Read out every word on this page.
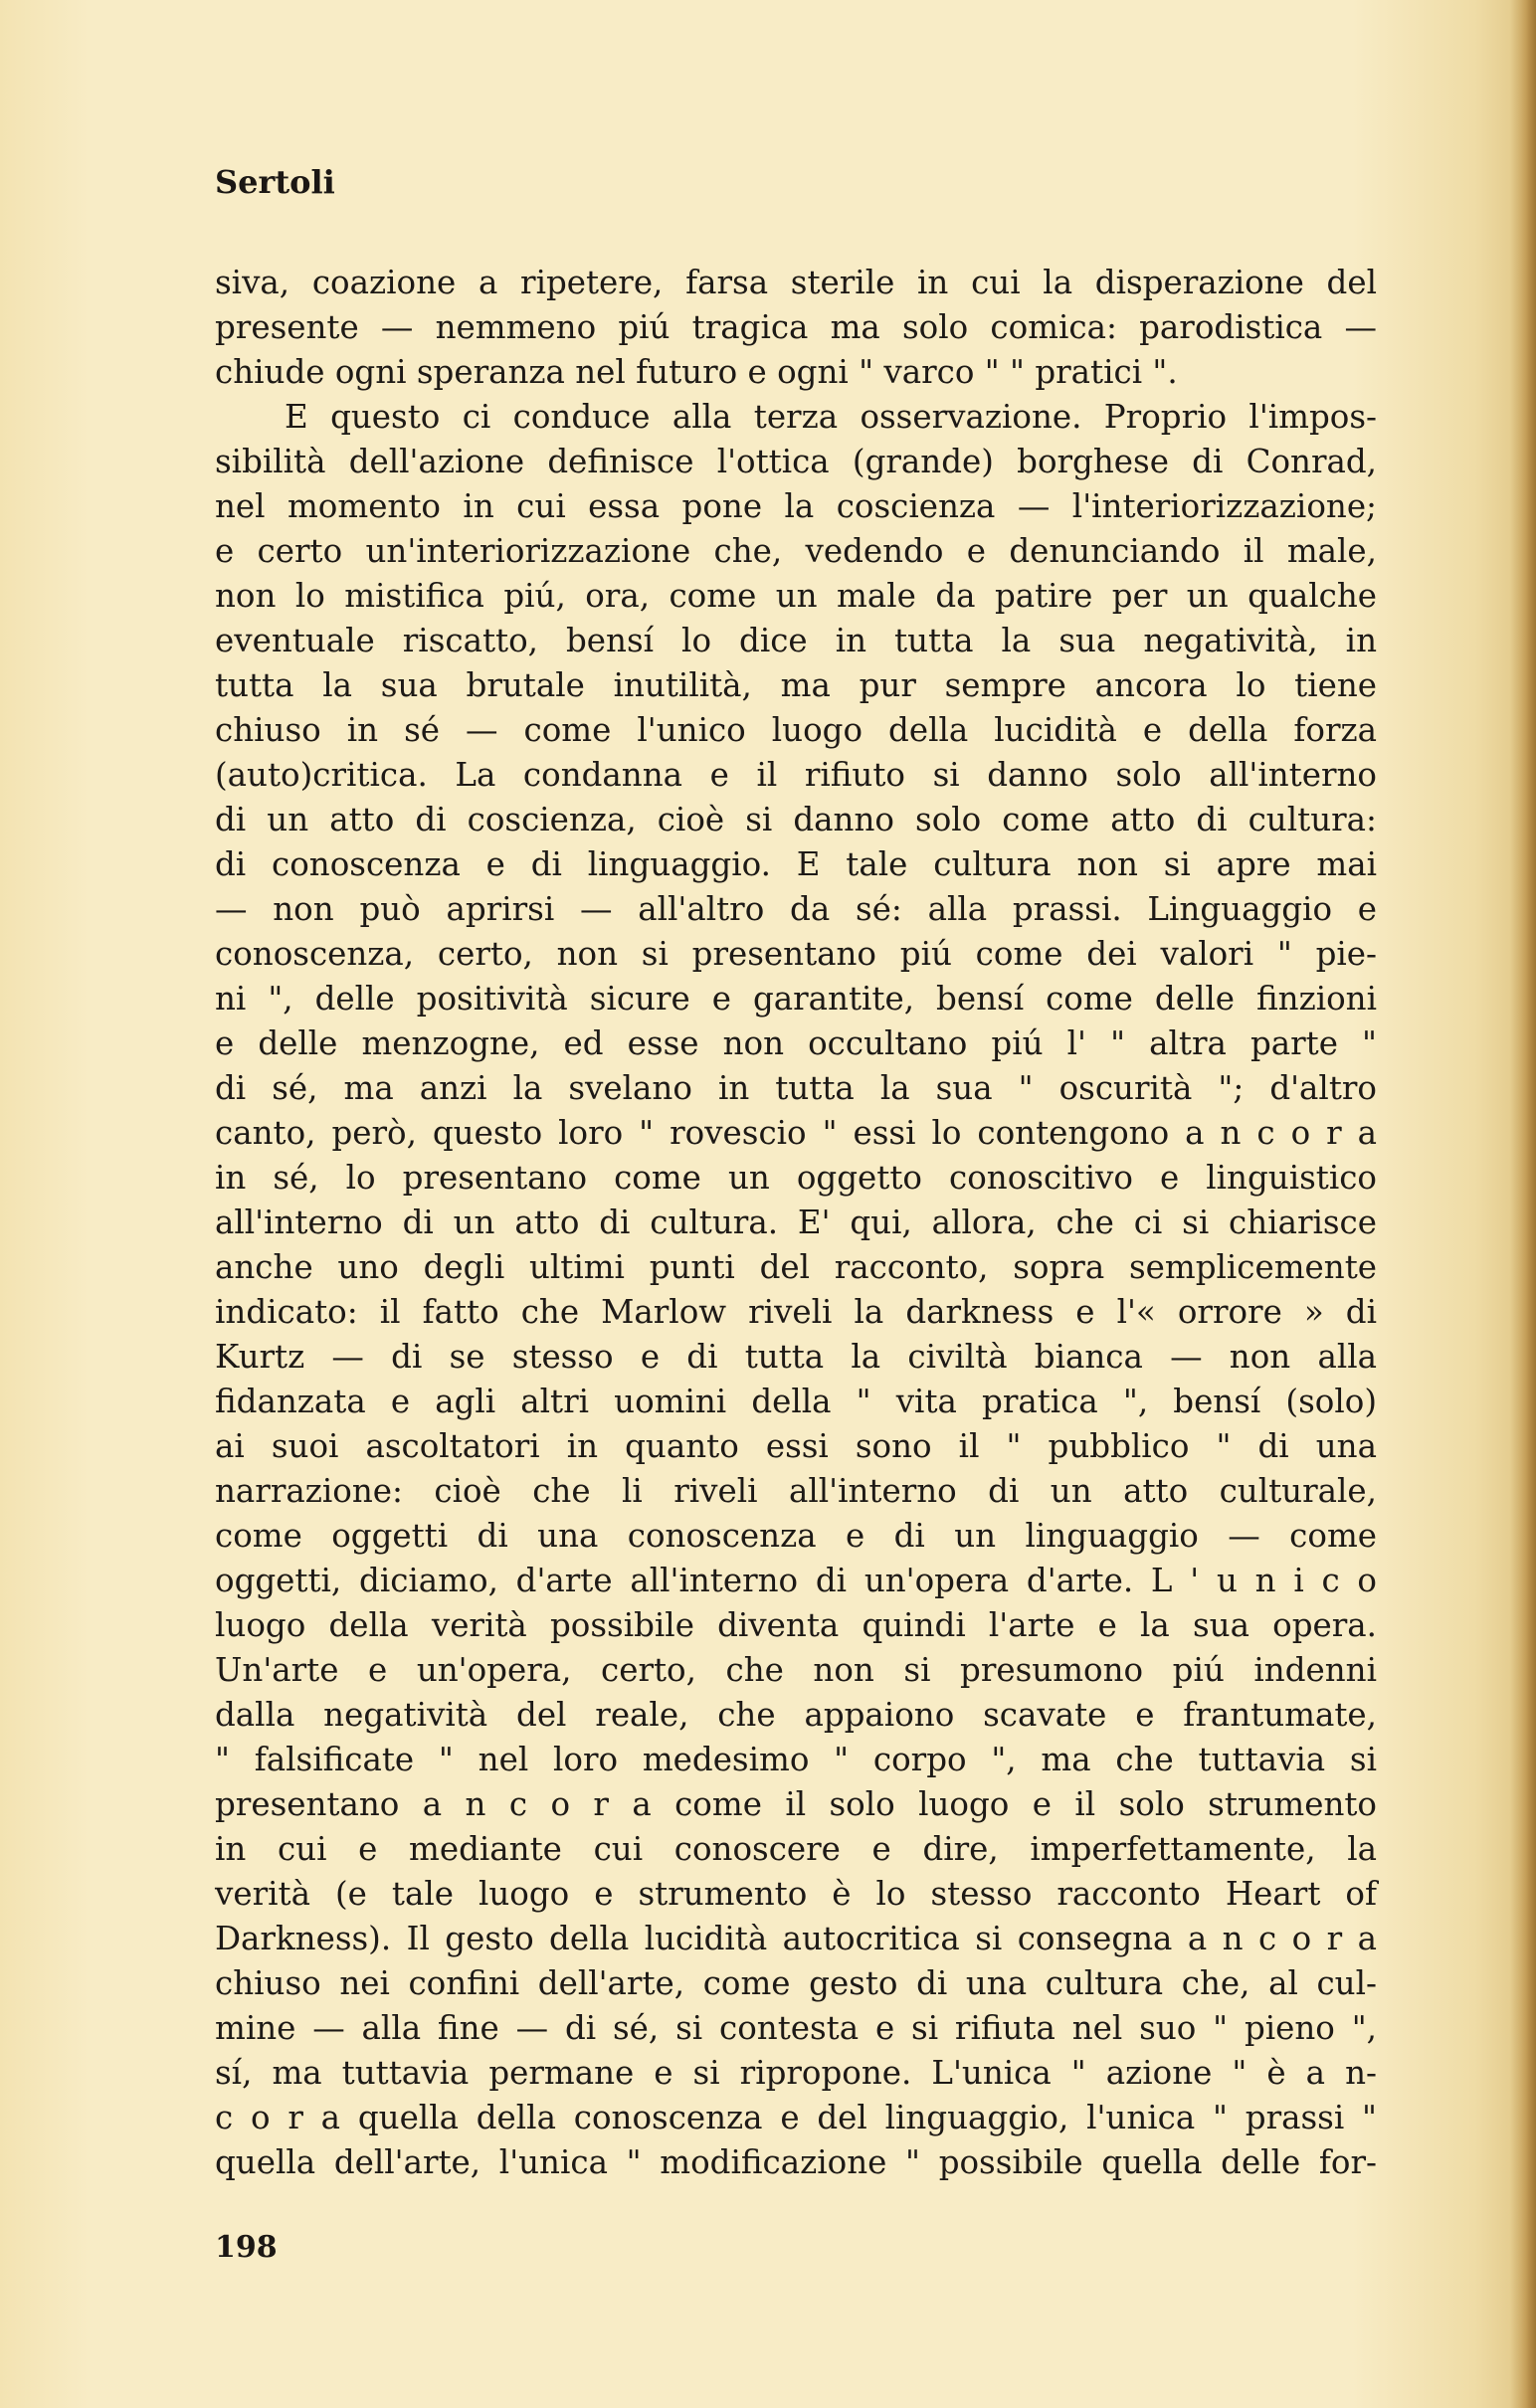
Sertoli
siva, coazione a ripetere, farsa sterile in cui la disperazione del
presente — nemmeno piú tragica ma solo comica: parodistica —
chiude ogni speranza nel futuro e ogni " varco " " pratici ".
E questo ci conduce alla terza osservazione. Proprio l'impos-
sibilità dell'azione definisce l'ottica (grande) borghese di Conrad,
nel momento in cui essa pone la coscienza — l'interiorizzazione;
e certo un'interiorizzazione che, vedendo e denunciando il male,
non lo mistifica piú, ora, come un male da patire per un qualche
eventuale riscatto, bensí lo dice in tutta la sua negatività, in
tutta la sua brutale inutilità, ma pur sempre ancora lo tiene
chiuso in sé — come l'unico luogo della lucidità e della forza
(auto)critica. La condanna e il rifiuto si danno solo all'interno
di un atto di coscienza, cioè si danno solo come atto di cultura:
di conoscenza e di linguaggio. E tale cultura non si apre mai
— non può aprirsi — all'altro da sé: alla prassi. Linguaggio e
conoscenza, certo, non si presentano piú come dei valori " pie-
ni ", delle positività sicure e garantite, bensí come delle finzioni
e delle menzogne, ed esse non occultano piú l' " altra parte "
di sé, ma anzi la svelano in tutta la sua " oscurità "; d'altro
canto, però, questo loro " rovescio " essi lo contengono a n c o r a
in sé, lo presentano come un oggetto conoscitivo e linguistico
all'interno di un atto di cultura. E' qui, allora, che ci si chiarisce
anche uno degli ultimi punti del racconto, sopra semplicemente
indicato: il fatto che Marlow riveli la darkness e l'« orrore » di
Kurtz — di se stesso e di tutta la civiltà bianca — non alla
fidanzata e agli altri uomini della " vita pratica ", bensí (solo)
ai suoi ascoltatori in quanto essi sono il " pubblico " di una
narrazione: cioè che li riveli all'interno di un atto culturale,
come oggetti di una conoscenza e di un linguaggio — come
oggetti, diciamo, d'arte all'interno di un'opera d'arte. L ' u n i c o
luogo della verità possibile diventa quindi l'arte e la sua opera.
Un'arte e un'opera, certo, che non si presumono piú indenni
dalla negatività del reale, che appaiono scavate e frantumate,
" falsificate " nel loro medesimo " corpo ", ma che tuttavia si
presentano a n c o r a come il solo luogo e il solo strumento
in cui e mediante cui conoscere e dire, imperfettamente, la
verità (e tale luogo e strumento è lo stesso racconto Heart of
Darkness). Il gesto della lucidità autocritica si consegna a n c o r a
chiuso nei confini dell'arte, come gesto di una cultura che, al cul-
mine — alla fine — di sé, si contesta e si rifiuta nel suo " pieno ",
sí, ma tuttavia permane e si ripropone. L'unica " azione " è a n-
c o r a quella della conoscenza e del linguaggio, l'unica " prassi "
quella dell'arte, l'unica " modificazione " possibile quella delle for-
198
